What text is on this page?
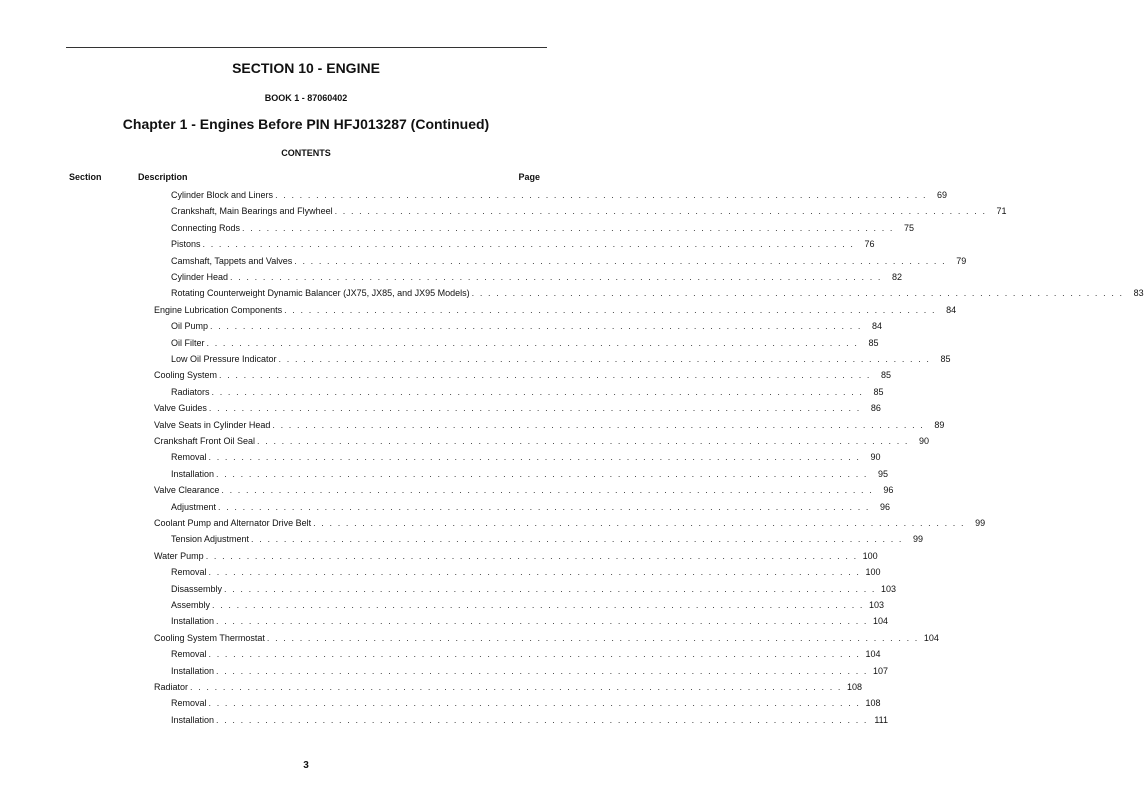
SECTION 10 - ENGINE
BOOK 1 - 87060402
Chapter 1 - Engines Before PIN HFJ013287 (Continued)
CONTENTS
Section	Description	Page
Cylinder Block and Liners . . . . . . . . . . . . . . . . . . . . . . . . . . . . . . . . . . . . . . . . . . . . . . . . . . . . . . . . . . . . . . . . . . . . . . . . . . . . . . . .	69
Crankshaft, Main Bearings and Flywheel . . . . . . . . . . . . . . . . . . . . . . . . . . . . . . . . . . . . . . . . . . . . . . . . . . . . . . . . . . . . . . . . . . . . . . . . . . . . . . . .	71
Connecting Rods . . . . . . . . . . . . . . . . . . . . . . . . . . . . . . . . . . . . . . . . . . . . . . . . . . . . . . . . . . . . . . . . . . . . . . . . . . . . . . . .	75
Pistons . . . . . . . . . . . . . . . . . . . . . . . . . . . . . . . . . . . . . . . . . . . . . . . . . . . . . . . . . . . . . . . . . . . . . . . . . . . . . . . .	76
Camshaft, Tappets and Valves . . . . . . . . . . . . . . . . . . . . . . . . . . . . . . . . . . . . . . . . . . . . . . . . . . . . . . . . . . . . . . . . . . . . . . . . . . . . . . . .	79
Cylinder Head . . . . . . . . . . . . . . . . . . . . . . . . . . . . . . . . . . . . . . . . . . . . . . . . . . . . . . . . . . . . . . . . . . . . . . . . . . . . . . . .	82
Rotating Counterweight Dynamic Balancer (JX75, JX85, and JX95 Models) . . . . . . . . . . . . . . . . . . . . . . . . . . . . . . . . . . . . . . . . . . . . . . . . . . . . . . . . . . . . . . . . . . . . . . . . . . . . . . . .	83
Engine Lubrication Components . . . . . . . . . . . . . . . . . . . . . . . . . . . . . . . . . . . . . . . . . . . . . . . . . . . . . . . . . . . . . . . . . . . . . . . . . . . . . . . .	84
Oil Pump . . . . . . . . . . . . . . . . . . . . . . . . . . . . . . . . . . . . . . . . . . . . . . . . . . . . . . . . . . . . . . . . . . . . . . . . . . . . . . . .	84
Oil Filter . . . . . . . . . . . . . . . . . . . . . . . . . . . . . . . . . . . . . . . . . . . . . . . . . . . . . . . . . . . . . . . . . . . . . . . . . . . . . . . .	85
Low Oil Pressure Indicator . . . . . . . . . . . . . . . . . . . . . . . . . . . . . . . . . . . . . . . . . . . . . . . . . . . . . . . . . . . . . . . . . . . . . . . . . . . . . . . .	85
Cooling System . . . . . . . . . . . . . . . . . . . . . . . . . . . . . . . . . . . . . . . . . . . . . . . . . . . . . . . . . . . . . . . . . . . . . . . . . . . . . . . .	85
Radiators . . . . . . . . . . . . . . . . . . . . . . . . . . . . . . . . . . . . . . . . . . . . . . . . . . . . . . . . . . . . . . . . . . . . . . . . . . . . . . . .	85
Valve Guides . . . . . . . . . . . . . . . . . . . . . . . . . . . . . . . . . . . . . . . . . . . . . . . . . . . . . . . . . . . . . . . . . . . . . . . . . . . . . . . .	86
Valve Seats in Cylinder Head . . . . . . . . . . . . . . . . . . . . . . . . . . . . . . . . . . . . . . . . . . . . . . . . . . . . . . . . . . . . . . . . . . . . . . . . . . . . . . . .	89
Crankshaft Front Oil Seal . . . . . . . . . . . . . . . . . . . . . . . . . . . . . . . . . . . . . . . . . . . . . . . . . . . . . . . . . . . . . . . . . . . . . . . . . . . . . . . .	90
Removal . . . . . . . . . . . . . . . . . . . . . . . . . . . . . . . . . . . . . . . . . . . . . . . . . . . . . . . . . . . . . . . . . . . . . . . . . . . . . . . .	90
Installation . . . . . . . . . . . . . . . . . . . . . . . . . . . . . . . . . . . . . . . . . . . . . . . . . . . . . . . . . . . . . . . . . . . . . . . . . . . . . . . .	95
Valve Clearance . . . . . . . . . . . . . . . . . . . . . . . . . . . . . . . . . . . . . . . . . . . . . . . . . . . . . . . . . . . . . . . . . . . . . . . . . . . . . . . .	96
Adjustment . . . . . . . . . . . . . . . . . . . . . . . . . . . . . . . . . . . . . . . . . . . . . . . . . . . . . . . . . . . . . . . . . . . . . . . . . . . . . . . .	96
Coolant Pump and Alternator Drive Belt . . . . . . . . . . . . . . . . . . . . . . . . . . . . . . . . . . . . . . . . . . . . . . . . . . . . . . . . . . . . . . . . . . . . . . . . . . . . . . . .	99
Tension Adjustment . . . . . . . . . . . . . . . . . . . . . . . . . . . . . . . . . . . . . . . . . . . . . . . . . . . . . . . . . . . . . . . . . . . . . . . . . . . . . . . .	99
Water Pump . . . . . . . . . . . . . . . . . . . . . . . . . . . . . . . . . . . . . . . . . . . . . . . . . . . . . . . . . . . . . . . . . . . . . . . . . . . . . . . . 100
Removal . . . . . . . . . . . . . . . . . . . . . . . . . . . . . . . . . . . . . . . . . . . . . . . . . . . . . . . . . . . . . . . . . . . . . . . . . . . . . . . . 100
Disassembly . . . . . . . . . . . . . . . . . . . . . . . . . . . . . . . . . . . . . . . . . . . . . . . . . . . . . . . . . . . . . . . . . . . . . . . . . . . . . . . . 103
Assembly . . . . . . . . . . . . . . . . . . . . . . . . . . . . . . . . . . . . . . . . . . . . . . . . . . . . . . . . . . . . . . . . . . . . . . . . . . . . . . . . 103
Installation . . . . . . . . . . . . . . . . . . . . . . . . . . . . . . . . . . . . . . . . . . . . . . . . . . . . . . . . . . . . . . . . . . . . . . . . . . . . . . . . 104
Cooling System Thermostat . . . . . . . . . . . . . . . . . . . . . . . . . . . . . . . . . . . . . . . . . . . . . . . . . . . . . . . . . . . . . . . . . . . . . . . . . . . . . . . . 104
Removal . . . . . . . . . . . . . . . . . . . . . . . . . . . . . . . . . . . . . . . . . . . . . . . . . . . . . . . . . . . . . . . . . . . . . . . . . . . . . . . . 104
Installation . . . . . . . . . . . . . . . . . . . . . . . . . . . . . . . . . . . . . . . . . . . . . . . . . . . . . . . . . . . . . . . . . . . . . . . . . . . . . . . . 107
Radiator . . . . . . . . . . . . . . . . . . . . . . . . . . . . . . . . . . . . . . . . . . . . . . . . . . . . . . . . . . . . . . . . . . . . . . . . . . . . . . . . 108
Removal . . . . . . . . . . . . . . . . . . . . . . . . . . . . . . . . . . . . . . . . . . . . . . . . . . . . . . . . . . . . . . . . . . . . . . . . . . . . . . . . 108
Installation . . . . . . . . . . . . . . . . . . . . . . . . . . . . . . . . . . . . . . . . . . . . . . . . . . . . . . . . . . . . . . . . . . . . . . . . . . . . . . . . 111
3
